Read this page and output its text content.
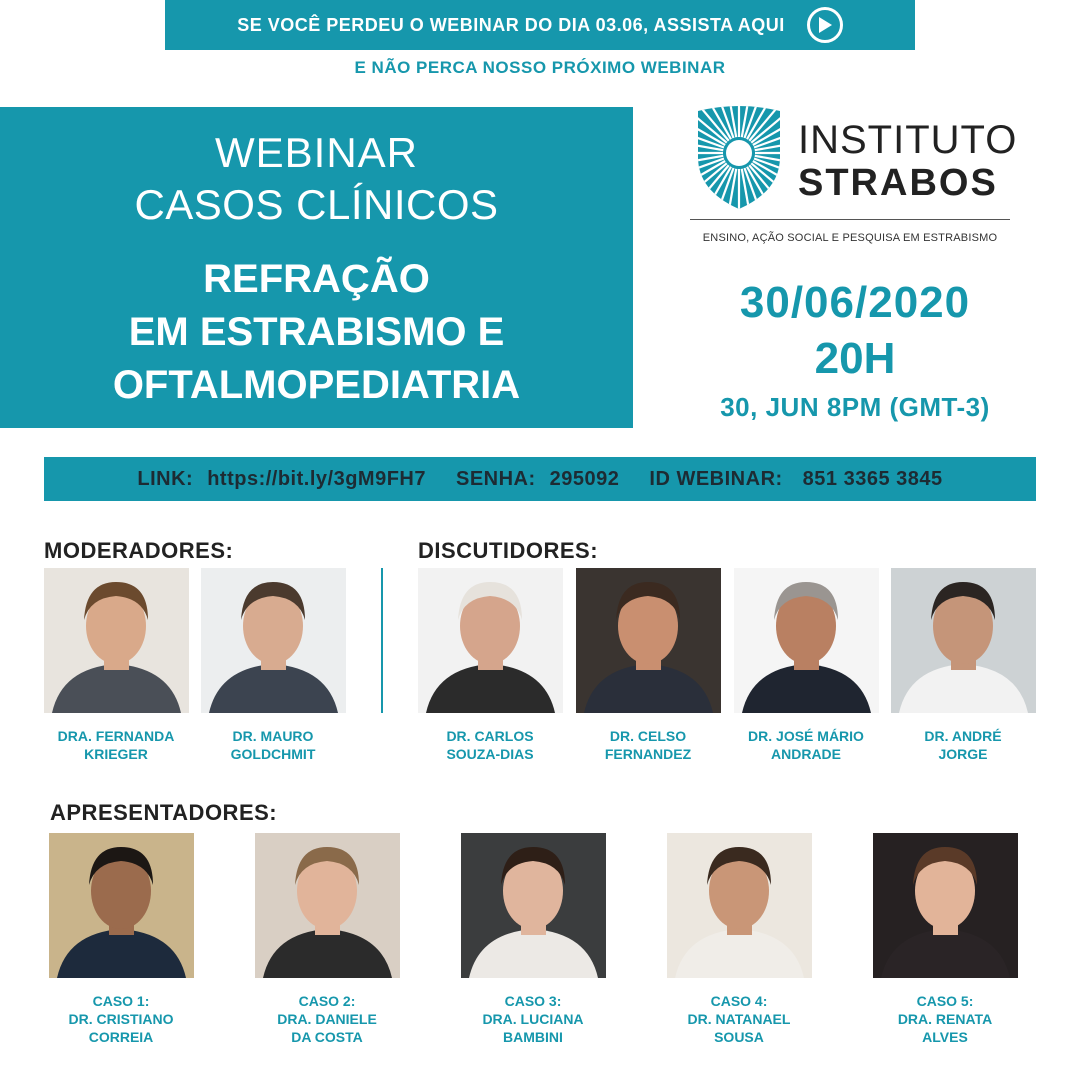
SE VOCÊ PERDEU O WEBINAR DO DIA 03.06, ASSISTA AQUI
E NÃO PERCA NOSSO PRÓXIMO WEBINAR
WEBINAR
CASOS CLÍNICOS
REFRAÇÃO
EM ESTRABISMO E
OFTALMOPEDIATRIA
INSTITUTO
STRABOS
ENSINO, AÇÃO SOCIAL E PESQUISA EM ESTRABISMO
30/06/2020
20H
30, JUN 8PM (GMT-3)
LINK: https://bit.ly/3gM9FH7 SENHA: 295092 ID WEBINAR: 851 3365 3845
MODERADORES:	DISCUTIDORES:
APRESENTADORES:
DRA. FERNANDA
KRIEGER
DR. MAURO
GOLDCHMIT
DR. CARLOS
SOUZA-DIAS
DR. CELSO
FERNANDEZ
DR. JOSÉ MÁRIO
ANDRADE
DR. ANDRÉ
JORGE
CASO 1:
DR. CRISTIANO
CORREIA
CASO 2:
DRA. DANIELE
DA COSTA
CASO 3:
DRA. LUCIANA
BAMBINI
CASO 4:
DR. NATANAEL
SOUSA
CASO 5:
DRA. RENATA
ALVES
